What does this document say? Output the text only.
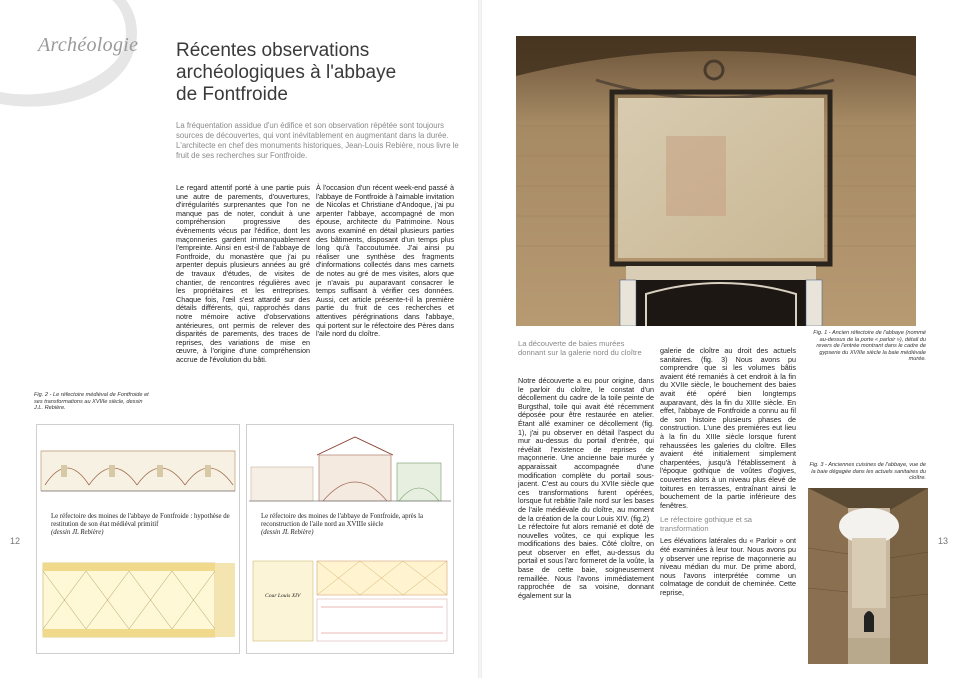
Archéologie Récentes observations
archéologiques à l'abbaye
de Fontfroide
La fréquentation assidue d'un édifice et son observation répétée sont toujours sources de découvertes, qui vont inévitablement en augmentant dans la durée. L'architecte en chef des monuments historiques, Jean-Louis Rebière, nous livre le fruit de ses recherches sur Fontfroide.
Le regard attentif porté à une partie puis une autre de parements, d'ouvertures, d'irrégularités surprenantes que l'on ne manque pas de noter, conduit à une compréhension progressive des évènements vécus par l'édifice, dont les maçonneries gardent immanquablement l'empreinte. Ainsi en est-il de l'abbaye de Fontfroide, du monastère que j'ai pu arpenter depuis plusieurs années au gré de travaux d'études, de visites de chantier, de rencontres régulières avec les propriétaires et les entreprises. Chaque fois, l'œil s'est attardé sur des détails différents, qui, rapprochés dans notre mémoire active d'observations antérieures, ont permis de relever des disparités de parements, des traces de reprises, des variations de mise en œuvre, à l'origine d'une compréhension accrue de l'évolution du bâti.
À l'occasion d'un récent week-end passé à l'abbaye de Fontfroide à l'aimable invitation de Nicolas et Christiane d'Andoque, j'ai pu arpenter l'abbaye, accompagné de mon épouse, architecte du Patrimoine. Nous avons examiné en détail plusieurs parties des bâtiments, disposant d'un temps plus long qu'à l'accoutumée. J'ai ainsi pu réaliser une synthèse des fragments d'informations collectés dans mes carnets de notes au gré de mes visites, alors que je n'avais pu auparavant consacrer le temps suffisant à vérifier ces données. Aussi, cet article présente-t-il la première partie du fruit de ces recherches et attentives pérégrinations dans l'abbaye, qui portent sur le réfectoire des Pères dans l'aile nord du cloître.
Fig. 2 - Le réfectoire médiéval de Fontfroide et ses transformations au XVIIIe siècle, dessin J.L. Rebière.
12
Le réfectoire des moines de l'abbaye de Fontfroide : hypothèse de restitution de son état médiéval primitif
(dessin JL Rebière)
Le réfectoire des moines de l'abbaye de Fontfroide, après la reconstruction de l'aile nord au XVIIIe siècle
(dessin JL Rebière)
Cour Louis XIV
Fig. 1 - Ancien réfectoire de l'abbaye (nommé au-dessus de la porte « parloir »), détail du revers de l'entrée montrant dans le cadre de gypserie du XVIIIe siècle la baie médiévale murée.
La découverte de baies murées donnant sur la galerie nord du cloître

Notre découverte a eu pour origine, dans le parloir du cloître, le constat d'un décollement du cadre de la toile peinte de Burgsthal, toile qui avait été récemment déposée pour être restaurée en atelier. Étant allé examiner ce décollement (fig. 1), j'ai pu observer en détail l'aspect du mur au-dessus du portail d'entrée, qui révélait l'existence de reprises de maçonnerie. Une ancienne baie murée y apparaissait accompagnée d'une modification complète du portail sous-jacent. C'est au cours du XVIIe siècle que ces transformations furent opérées, lorsque fut rebâtie l'aile nord sur les bases de l'aile médiévale du cloître, au moment de la création de la cour Louis XIV. (fig.2)

Le réfectoire fut alors remanié et doté de nouvelles voûtes, ce qui explique les modifications des baies. Côté cloître, on peut observer en effet, au-dessus du portail et sous l'arc formeret de la voûte, la base de cette baie, soigneusement remaillée. Nous l'avons immédiatement rapprochée de sa voisine, donnant également sur la

galerie de cloître au droit des actuels sanitaires. (fig. 3) Nous avons pu comprendre que si les volumes bâtis avaient été remaniés à cet endroit à la fin du XVIIe siècle, le bouchement des baies avait été opéré bien longtemps auparavant, dès la fin du XIIIe siècle. En effet, l'abbaye de Fontfroide a connu au fil de son histoire plusieurs phases de construction. L'une des premières eut lieu à la fin du XIIIe siècle lorsque furent rehaussées les galeries du cloître. Elles avaient été initialement simplement charpentées, jusqu'à l'établissement à l'époque gothique de voûtes d'ogives, couvertes alors à un niveau plus élevé de toitures en terrasses, entraînant ainsi le bouchement de la partie inférieure des fenêtres.

Le réfectoire gothique et sa transformation

Les élévations latérales du « Parloir » ont été examinées à leur tour. Nous avons pu y observer une reprise de maçonnerie au niveau médian du mur. De prime abord, nous l'avons interprétée comme un colmatage de conduit de cheminée. Cette reprise,

Fig. 3 - Anciennes cuisines de l'abbaye, vue de la baie dégagée dans les actuels sanitaires du cloître.
13
